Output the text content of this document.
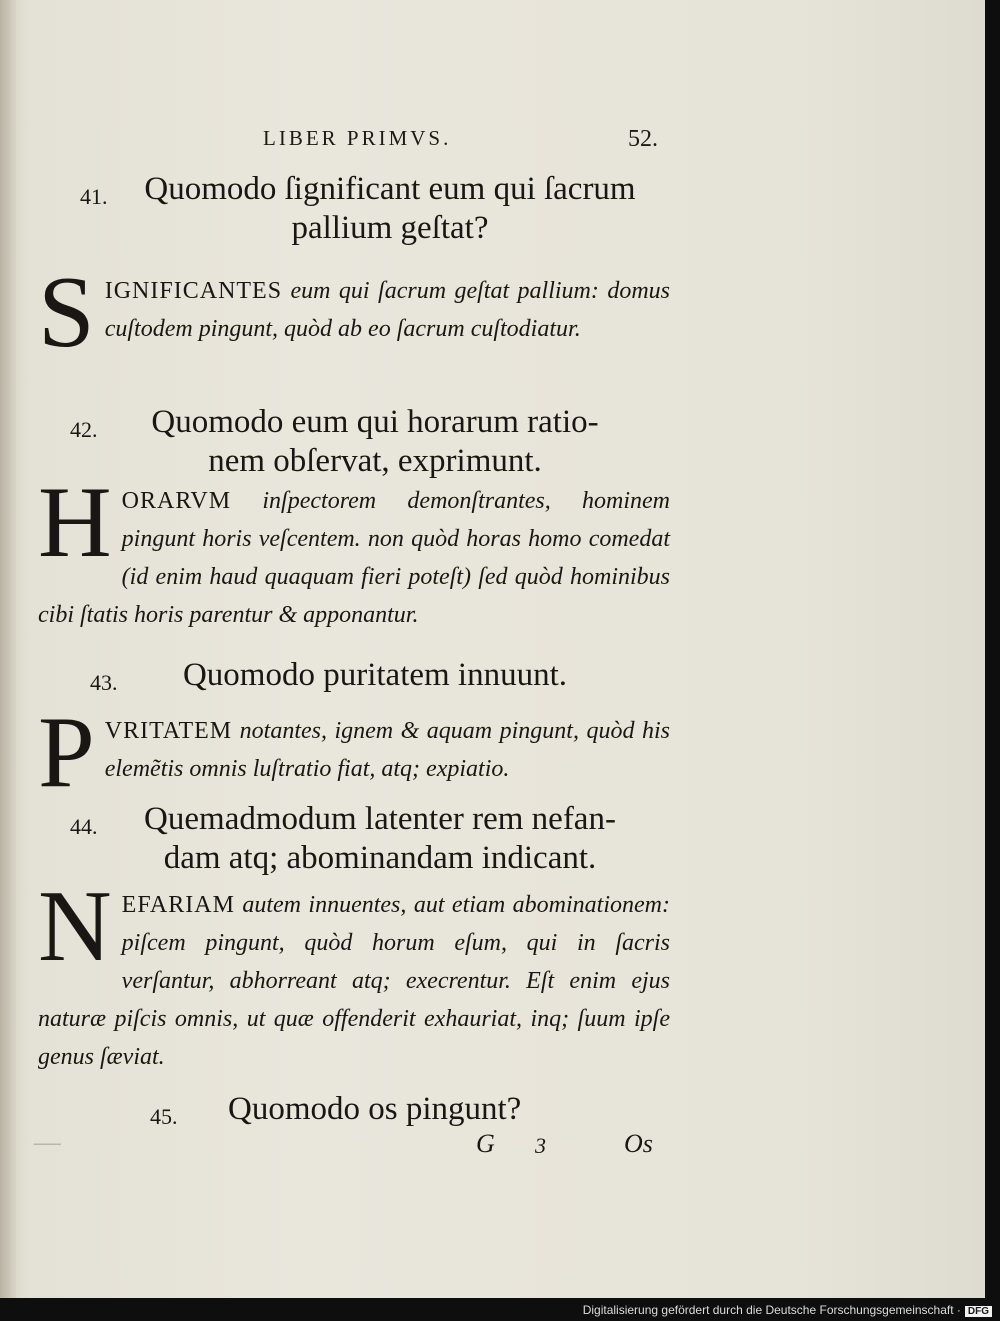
—
LIBER PRIMVS.	52.
41.	Quomodo ſignificant eum qui ſacrum
pallium geſtat?
SIGNIFICANTES eum qui ſacrum geſtat pallium: domus cuſtodem pingunt, quòd ab eo ſacrum cuſtodiatur.
42.	Quomodo eum qui horarum ratio-
nem obſervat, exprimunt.
HORARVM inſpectorem demonſtrantes, hominem pingunt horis veſcentem. non quòd horas homo comedat (id enim haud quaquam fieri poteſt) ſed quòd hominibus cibi ſtatis horis parentur & apponantur.
43.	Quomodo puritatem innuunt.
PVRITATEM notantes, ignem & aquam pingunt, quòd his elemẽtis omnis luſtratio fiat, atq; expiatio.
44.	Quemadmodum latenter rem nefan-
dam atq; abominandam indicant.
NEFARIAM autem innuentes, aut etiam abominationem: piſcem pingunt, quòd horum eſum, qui in ſacris verſantur, abhorreant atq; execrentur. Eſt enim ejus naturæ piſcis omnis, ut quæ offenderit exhauriat, inq; ſuum ipſe genus ſæviat.
45.	Quomodo os pingunt?
G 3	Os
Digitalisierung gefördert durch die Deutsche Forschungsgemeinschaft · DFG
